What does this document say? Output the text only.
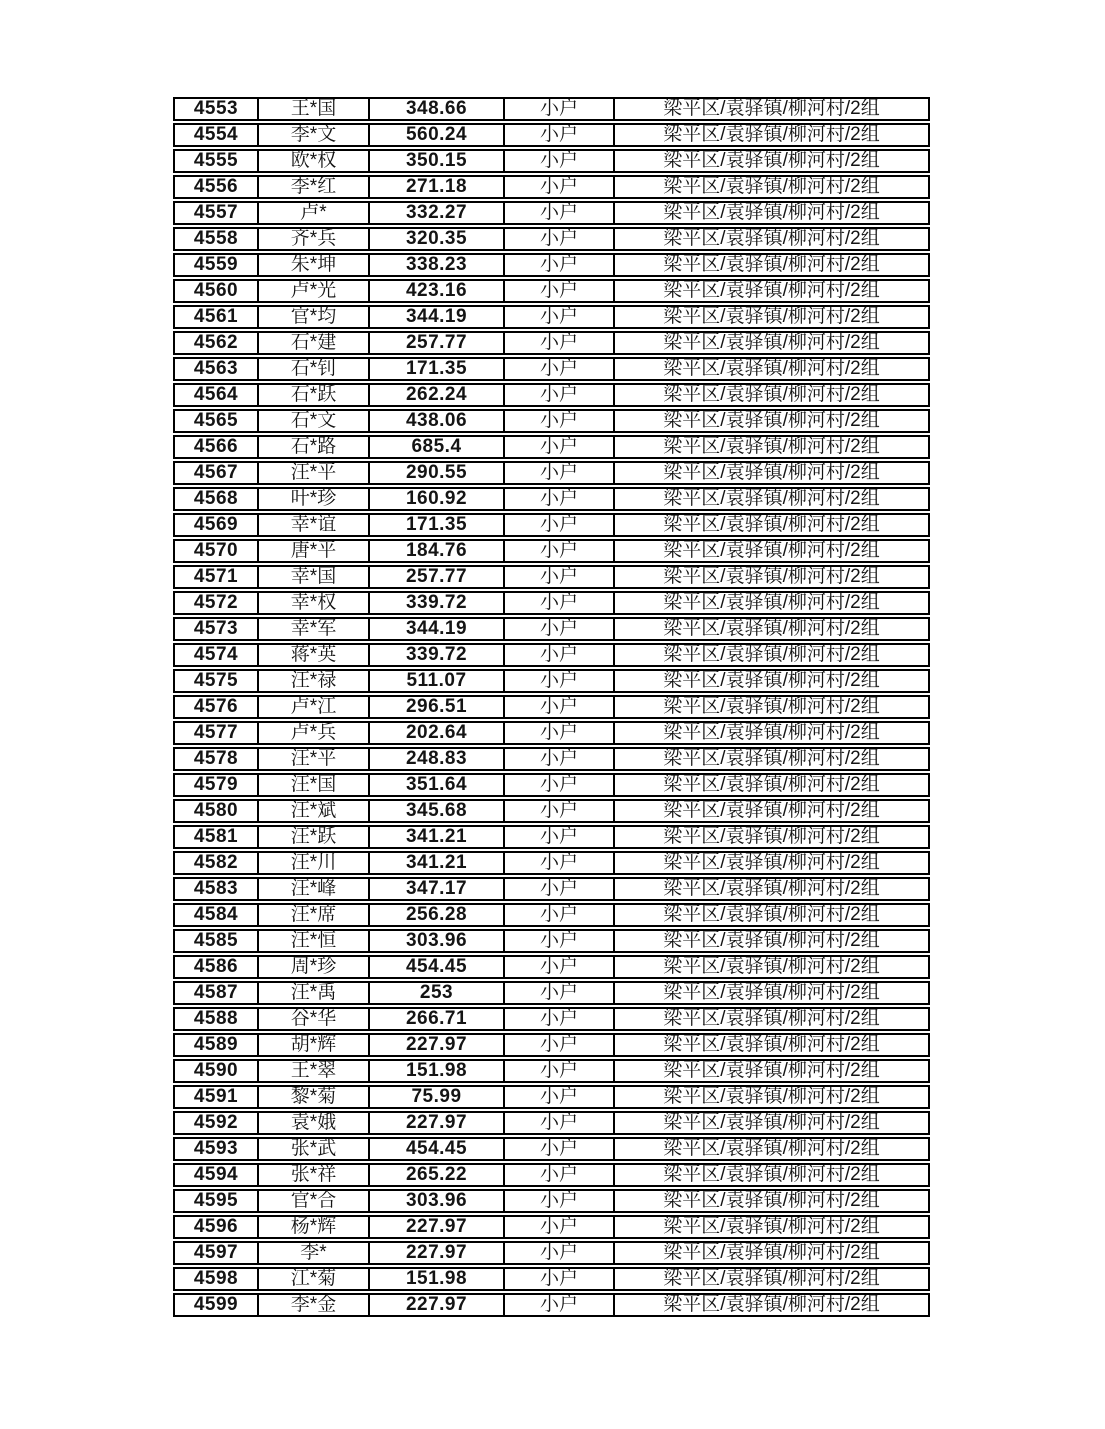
4553	王*国	348.66	小户	梁平区/袁驿镇/柳河村/2组
4554	李*文	560.24	小户	梁平区/袁驿镇/柳河村/2组
4555	欧*权	350.15	小户	梁平区/袁驿镇/柳河村/2组
4556	李*红	271.18	小户	梁平区/袁驿镇/柳河村/2组
4557	卢*	332.27	小户	梁平区/袁驿镇/柳河村/2组
4558	齐*兵	320.35	小户	梁平区/袁驿镇/柳河村/2组
4559	朱*坤	338.23	小户	梁平区/袁驿镇/柳河村/2组
4560	卢*光	423.16	小户	梁平区/袁驿镇/柳河村/2组
4561	官*均	344.19	小户	梁平区/袁驿镇/柳河村/2组
4562	石*建	257.77	小户	梁平区/袁驿镇/柳河村/2组
4563	石*钊	171.35	小户	梁平区/袁驿镇/柳河村/2组
4564	石*跃	262.24	小户	梁平区/袁驿镇/柳河村/2组
4565	石*文	438.06	小户	梁平区/袁驿镇/柳河村/2组
4566	石*路	685.4	小户	梁平区/袁驿镇/柳河村/2组
4567	汪*平	290.55	小户	梁平区/袁驿镇/柳河村/2组
4568	叶*珍	160.92	小户	梁平区/袁驿镇/柳河村/2组
4569	幸*谊	171.35	小户	梁平区/袁驿镇/柳河村/2组
4570	唐*平	184.76	小户	梁平区/袁驿镇/柳河村/2组
4571	幸*国	257.77	小户	梁平区/袁驿镇/柳河村/2组
4572	幸*权	339.72	小户	梁平区/袁驿镇/柳河村/2组
4573	幸*军	344.19	小户	梁平区/袁驿镇/柳河村/2组
4574	蒋*英	339.72	小户	梁平区/袁驿镇/柳河村/2组
4575	汪*禄	511.07	小户	梁平区/袁驿镇/柳河村/2组
4576	卢*江	296.51	小户	梁平区/袁驿镇/柳河村/2组
4577	卢*兵	202.64	小户	梁平区/袁驿镇/柳河村/2组
4578	汪*平	248.83	小户	梁平区/袁驿镇/柳河村/2组
4579	汪*国	351.64	小户	梁平区/袁驿镇/柳河村/2组
4580	汪*斌	345.68	小户	梁平区/袁驿镇/柳河村/2组
4581	汪*跃	341.21	小户	梁平区/袁驿镇/柳河村/2组
4582	汪*川	341.21	小户	梁平区/袁驿镇/柳河村/2组
4583	汪*峰	347.17	小户	梁平区/袁驿镇/柳河村/2组
4584	汪*席	256.28	小户	梁平区/袁驿镇/柳河村/2组
4585	汪*恒	303.96	小户	梁平区/袁驿镇/柳河村/2组
4586	周*珍	454.45	小户	梁平区/袁驿镇/柳河村/2组
4587	汪*禹	253	小户	梁平区/袁驿镇/柳河村/2组
4588	谷*华	266.71	小户	梁平区/袁驿镇/柳河村/2组
4589	胡*辉	227.97	小户	梁平区/袁驿镇/柳河村/2组
4590	王*翠	151.98	小户	梁平区/袁驿镇/柳河村/2组
4591	黎*菊	75.99	小户	梁平区/袁驿镇/柳河村/2组
4592	袁*娥	227.97	小户	梁平区/袁驿镇/柳河村/2组
4593	张*武	454.45	小户	梁平区/袁驿镇/柳河村/2组
4594	张*祥	265.22	小户	梁平区/袁驿镇/柳河村/2组
4595	官*合	303.96	小户	梁平区/袁驿镇/柳河村/2组
4596	杨*辉	227.97	小户	梁平区/袁驿镇/柳河村/2组
4597	李*	227.97	小户	梁平区/袁驿镇/柳河村/2组
4598	江*菊	151.98	小户	梁平区/袁驿镇/柳河村/2组
4599	李*金	227.97	小户	梁平区/袁驿镇/柳河村/2组
